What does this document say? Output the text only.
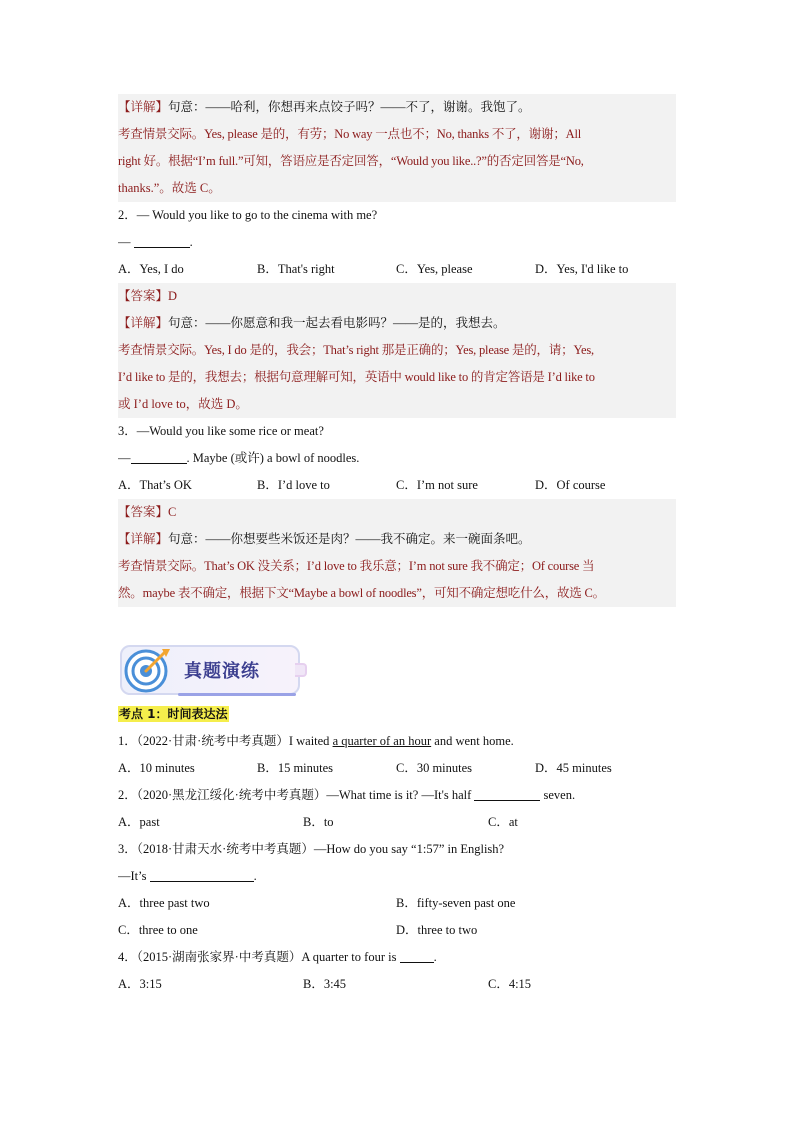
【详解】句意：——哈利，你想再来点饺子吗？——不了，谢谢。我饱了。
考查情景交际。Yes, please 是的，有劳；No way 一点也不；No, thanks 不了，谢谢；All
right 好。根据“I’m full.”可知，答语应是否定回答，“Would you like..?”的否定回答是“No,
thanks.”。故选 C。
2．— Would you like to go to the cinema with me?
—	.
A．Yes, I do	B．That's right	C．Yes, please	D．Yes, I'd like to
【答案】D
【详解】句意：——你愿意和我一起去看电影吗？——是的，我想去。
考查情景交际。Yes, I do 是的，我会；That’s right 那是正确的；Yes, please 是的，请；Yes,
I’d like to 是的，我想去；根据句意理解可知，英语中 would like to 的肯定答语是 I’d like to
或 I’d love to，故选 D。
3．—Would you like some rice or meat?
—	. Maybe (或许) a bowl of noodles.
A．That’s OK	B．I’d love to	C．I’m not sure	D．Of course
【答案】C
【详解】句意：——你想要些米饭还是肉？——我不确定。来一碗面条吧。
考查情景交际。That’s OK 没关系；I’d love to 我乐意；I’m not sure 我不确定；Of course 当
然。maybe 表不确定，根据下文“Maybe a bowl of noodles”，可知不确定想吃什么，故选 C。
真题演练
考点 1：时间表达法
1．（2022·甘肃·统考中考真题）I waited a quarter of an hour and went home.
A．10 minutes	B．15 minutes	C．30 minutes	D．45 minutes
2．（2020·黑龙江绥化·统考中考真题）—What time is it? —It's half	seven.
A．past	B．to	C．at
3．（2018·甘肃天水·统考中考真题）—How do you say “1:57” in English?
—It’s	.
A．three past two	B．fifty-seven past one
C．three to one	D．three to two
4．（2015·湖南张家界·中考真题）A quarter to four is	.
A．3:15	B．3:45	C．4:15
